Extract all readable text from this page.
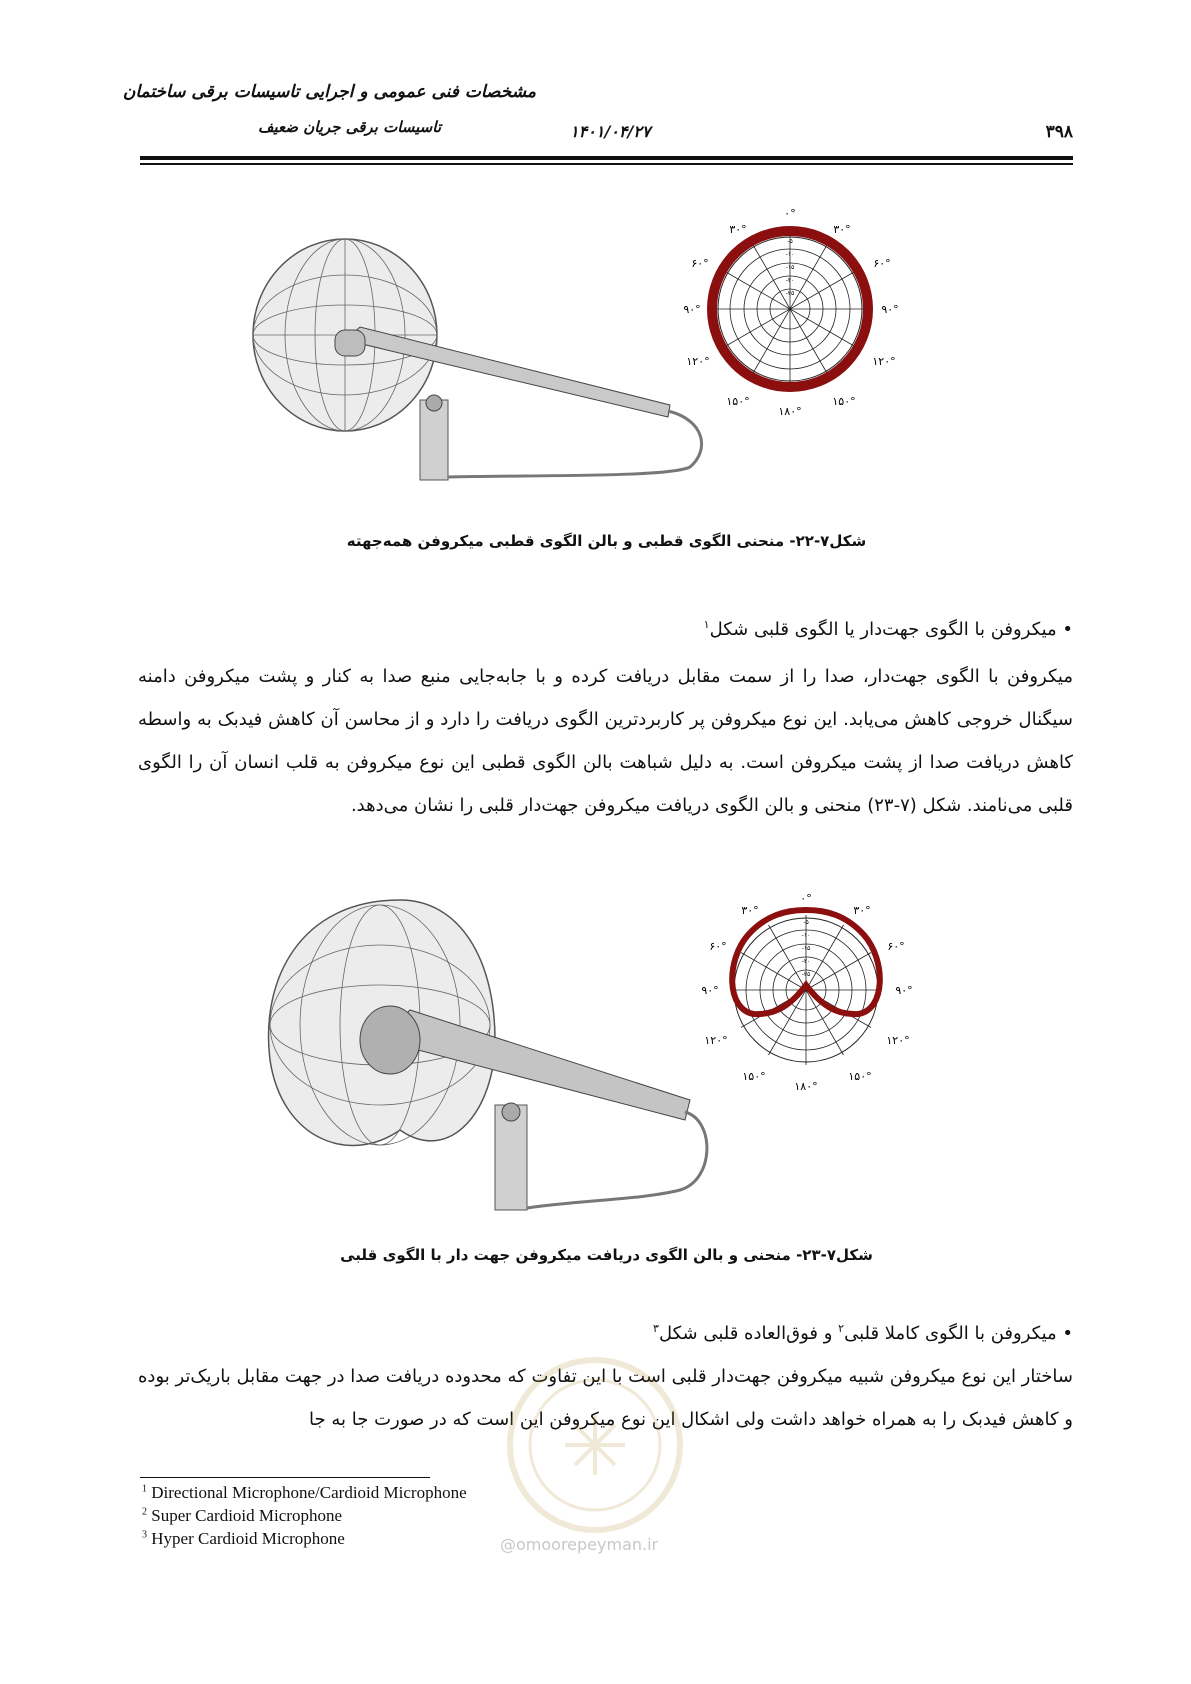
مشخصات فنی عمومی و اجرایی تاسیسات برقی ساختمان
تاسیسات برقی جریان ضعیف	۱۴۰۱/۰۴/۲۷	۳۹۸
۰°
۳۰°	۳۰°
۶۰°	۶۰°
۹۰°	۹۰°
۱۲۰°	۱۲۰°
۱۵۰°	۱۵۰°
۱۸۰°
-۵
-۱۰
-۱۵
-۲۰
-۲۵
شکل۷-۲۲- منحنی الگوی قطبی و بالن الگوی قطبی میکروفن همه‌جهته
• میکروفن با الگوی جهت‌دار یا الگوی قلبی شکل$^۱$
میکروفن با الگوی جهت‌دار، صدا را از سمت مقابل دریافت کرده و با جابه‌جایی منبع صدا به کنار و پشت میکروفن دامنه سیگنال خروجی کاهش می‌یابد. این نوع میکروفن پر کاربردترین الگوی دریافت را دارد و از محاسن آن کاهش فیدبک به واسطه کاهش دریافت صدا از پشت میکروفن است. به دلیل شباهت بالن الگوی قطبی این نوع میکروفن به قلب انسان آن را الگوی قلبی می‌نامند. شکل (۷-۲۳) منحنی و بالن الگوی دریافت میکروفن جهت‌دار قلبی را نشان می‌دهد.
۰°
۳۰°	۳۰°
۶۰°	۶۰°
۹۰°	۹۰°
۱۲۰°	۱۲۰°
۱۵۰°	۱۵۰°
۱۸۰°
-۵
-۱۰
-۱۵
-۲۰
-۲۵
شکل۷-۲۳- منحنی و بالن الگوی دریافت میکروفن جهت دار با الگوی قلبی
• میکروفن با الگوی کاملا قلبی$^۲$ و فوق‌العاده قلبی شکل$^۳$
ساختار این نوع میکروفن شبیه میکروفن جهت‌دار قلبی است با این تفاوت که محدوده دریافت صدا در جهت مقابل باریک‌تر بوده و کاهش فیدبک را به همراه خواهد داشت ولی اشکال این نوع میکروفن این است که در صورت جا به جا
@omoorepeyman.ir
$^1$ Directional Microphone/Cardioid Microphone
$^2$ Super Cardioid Microphone
$^3$ Hyper Cardioid Microphone
